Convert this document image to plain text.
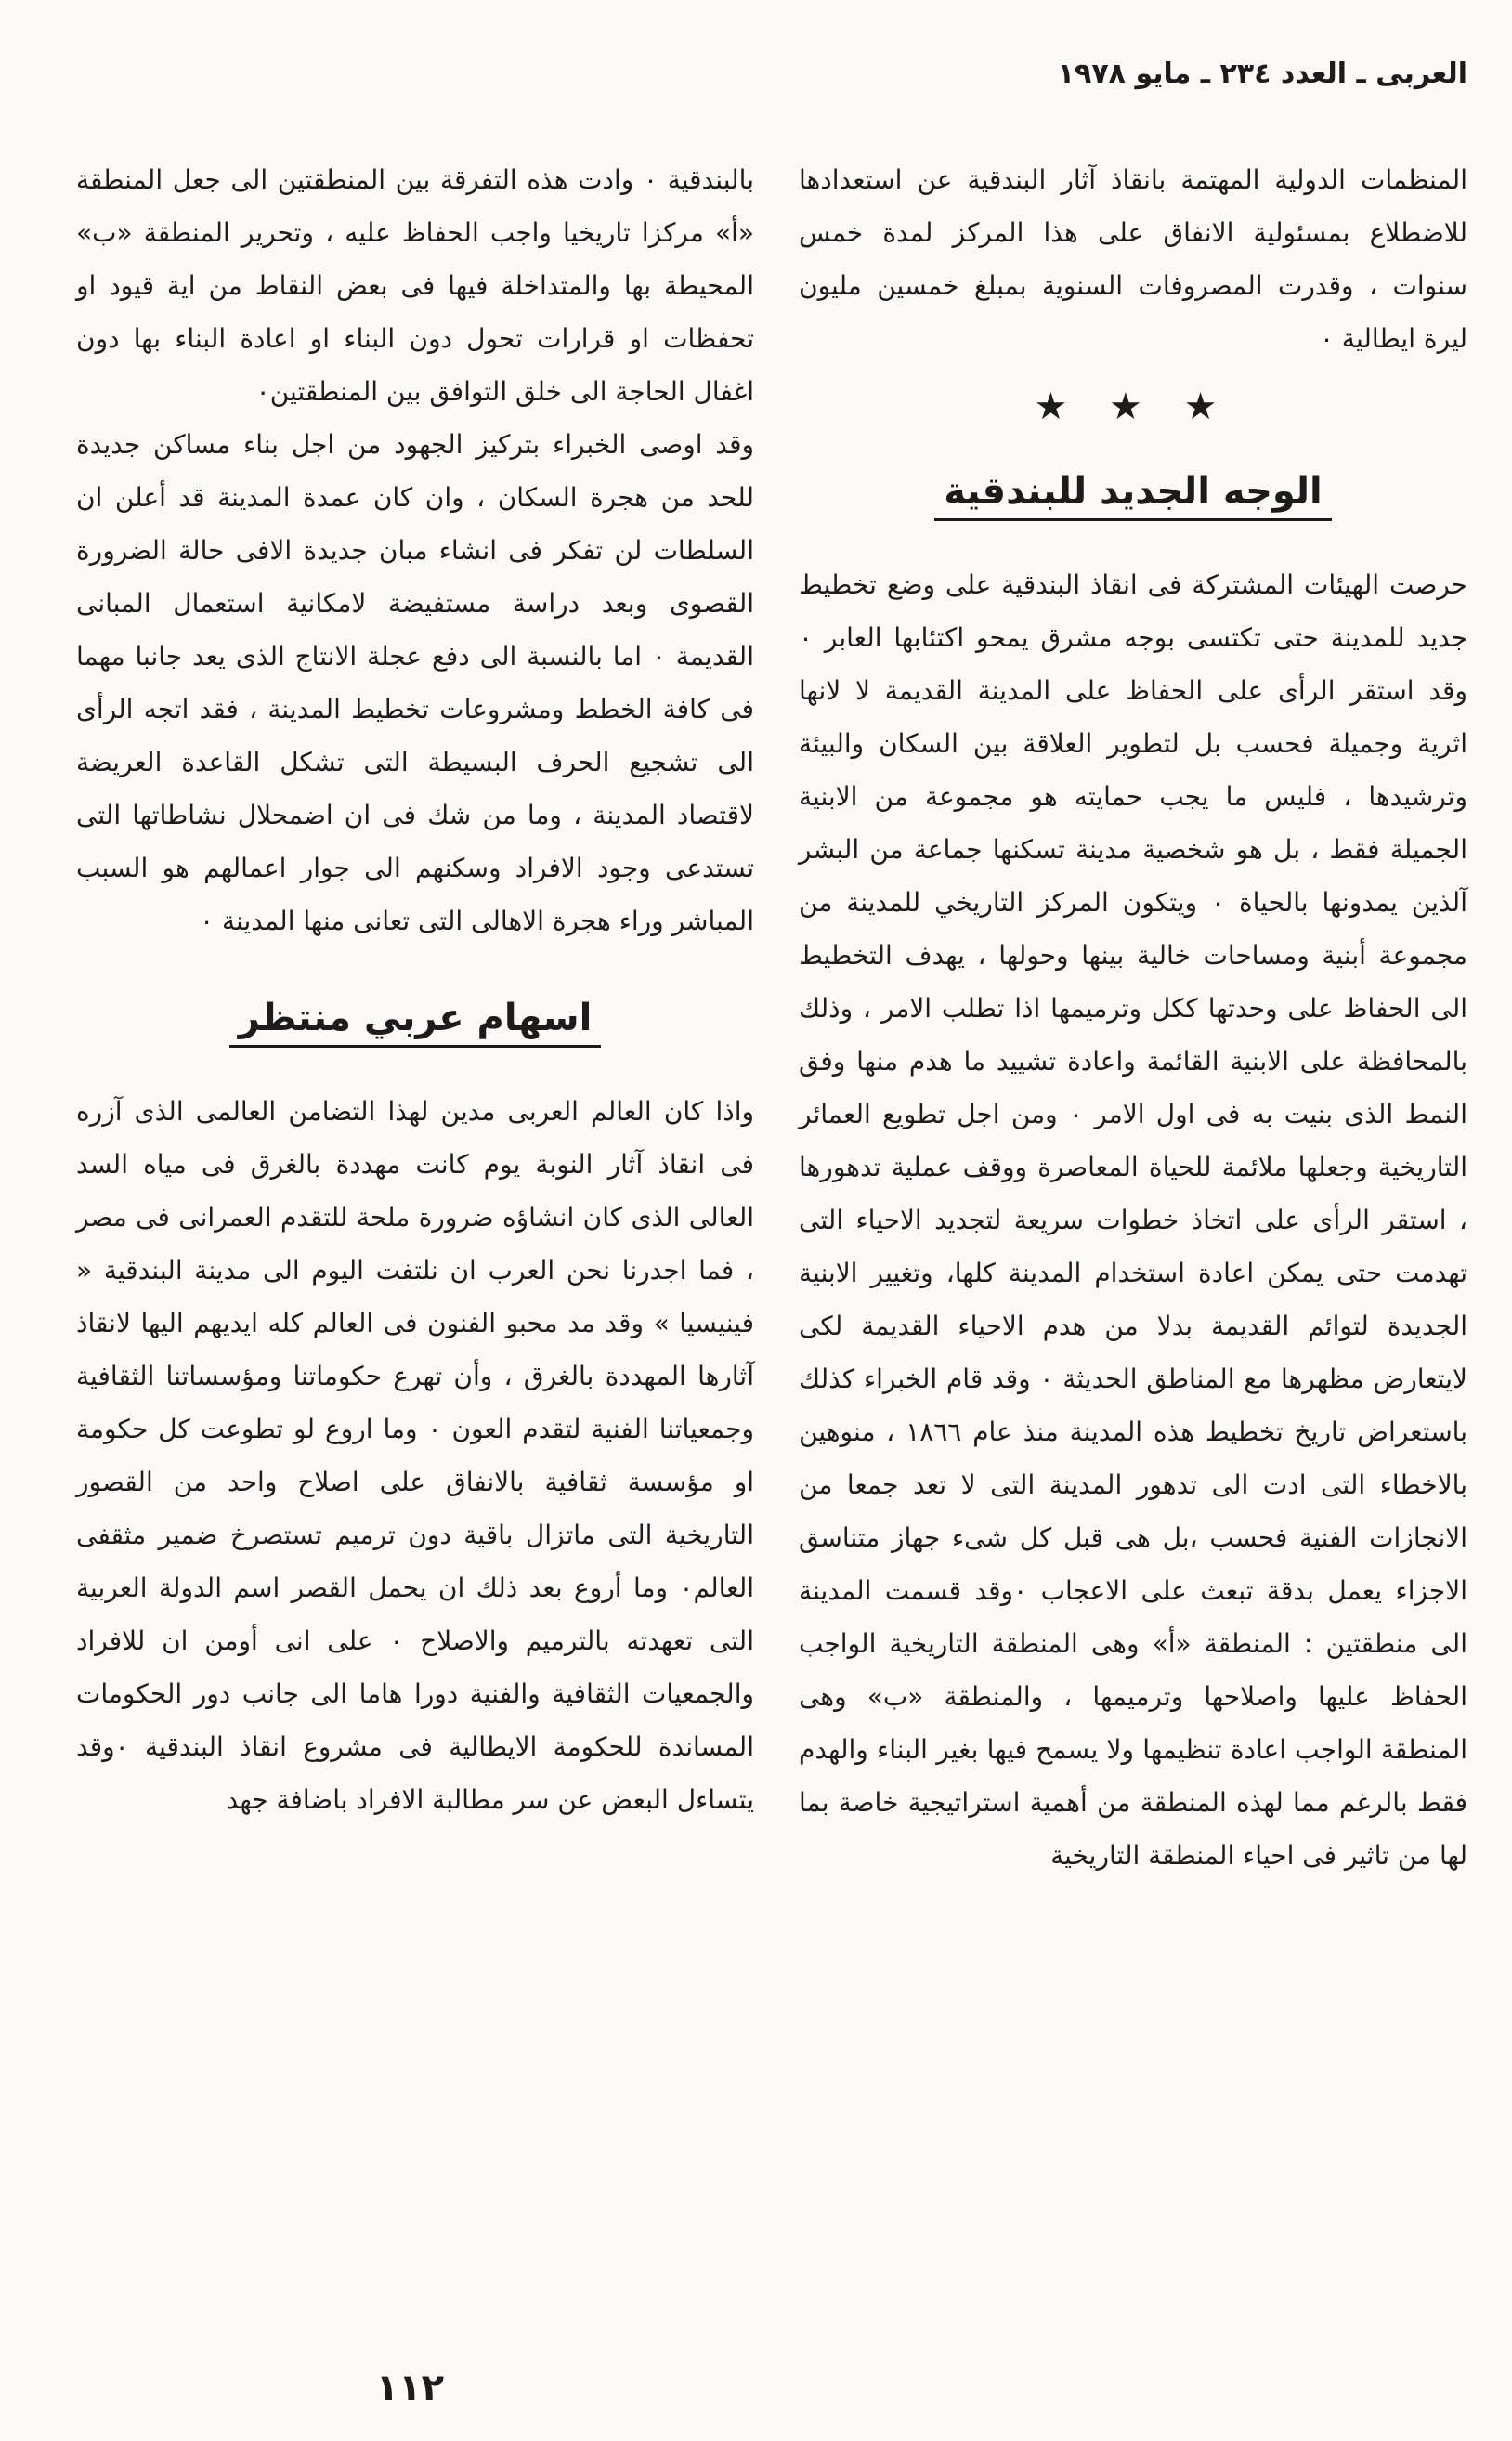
العربى ـ العدد ٢٣٤ ـ مايو ١٩٧٨

المنظمات الدولية المهتمة بانقاذ آثار البندقية عن استعدادها للاضطلاع بمسئولية الانفاق على هذا المركز لمدة خمس سنوات ، وقدرت المصروفات السنوية بمبلغ خمسين مليون ليرة ايطالية ٠

★ ★ ★
الوجه الجديد للبندقية

حرصت الهيئات المشتركة فى انقاذ البندقية على وضع تخطيط جديد للمدينة حتى تكتسى بوجه مشرق يمحو اكتئابها العابر ٠ وقد استقر الرأى على الحفاظ على المدينة القديمة لا لانها اثرية وجميلة فحسب بل لتطوير العلاقة بين السكان والبيئة وترشيدها ، فليس ما يجب حمايته هو مجموعة من الابنية الجميلة فقط ، بل هو شخصية مدينة تسكنها جماعة من البشر آلذين يمدونها بالحياة ٠ ويتكون المركز التاريخي للمدينة من مجموعة أبنية ومساحات خالية بينها وحولها ، يهدف التخطيط الى الحفاظ على وحدتها ككل وترميمها اذا تطلب الامر ، وذلك بالمحافظة على الابنية القائمة واعادة تشييد ما هدم منها وفق النمط الذى بنيت به فى اول الامر ٠ ومن اجل تطويع العمائر التاريخية وجعلها ملائمة للحياة المعاصرة ووقف عملية تدهورها ، استقر الرأى على اتخاذ خطوات سريعة لتجديد الاحياء التى تهدمت حتى يمكن اعادة استخدام المدينة كلها، وتغيير الابنية الجديدة لتوائم القديمة بدلا من هدم الاحياء القديمة لكى لايتعارض مظهرها مع المناطق الحديثة ٠ وقد قام الخبراء كذلك باستعراض تاريخ تخطيط هذه المدينة منذ عام ١٨٦٦ ، منوهين بالاخطاء التى ادت الى تدهور المدينة التى لا تعد جمعا من الانجازات الفنية فحسب ،بل هى قبل كل شىء جهاز متناسق الاجزاء يعمل بدقة تبعث على الاعجاب ٠وقد قسمت المدينة الى منطقتين : المنطقة «أ» وهى المنطقة التاريخية الواجب الحفاظ عليها واصلاحها وترميمها ، والمنطقة «ب» وهى المنطقة الواجب اعادة تنظيمها ولا يسمح فيها بغير البناء والهدم فقط بالرغم مما لهذه المنطقة من أهمية استراتيجية خاصة بما لها من تاثير فى احياء المنطقة التاريخية

بالبندقية ٠ وادت هذه التفرقة بين المنطقتين الى جعل المنطقة «أ» مركزا تاريخيا واجب الحفاظ عليه ، وتحرير المنطقة «ب» المحيطة بها والمتداخلة فيها فى بعض النقاط من اية قيود او تحفظات او قرارات تحول دون البناء او اعادة البناء بها دون اغفال الحاجة الى خلق التوافق بين المنطقتين٠

وقد اوصى الخبراء بتركيز الجهود من اجل بناء مساكن جديدة للحد من هجرة السكان ، وان كان عمدة المدينة قد أعلن ان السلطات لن تفكر فى انشاء مبان جديدة الافى حالة الضرورة القصوى وبعد دراسة مستفيضة لامكانية استعمال المبانى القديمة ٠ اما بالنسبة الى دفع عجلة الانتاج الذى يعد جانبا مهما فى كافة الخطط ومشروعات تخطيط المدينة ، فقد اتجه الرأى الى تشجيع الحرف البسيطة التى تشكل القاعدة العريضة لاقتصاد المدينة ، وما من شك فى ان اضمحلال نشاطاتها التى تستدعى وجود الافراد وسكنهم الى جوار اعمالهم هو السبب المباشر وراء هجرة الاهالى التى تعانى منها المدينة ٠

اسهام عربي منتظر

واذا كان العالم العربى مدين لهذا التضامن العالمى الذى آزره فى انقاذ آثار النوبة يوم كانت مهددة بالغرق فى مياه السد العالى الذى كان انشاؤه ضرورة ملحة للتقدم العمرانى فى مصر ، فما اجدرنا نحن العرب ان نلتفت اليوم الى مدينة البندقية « فينيسيا » وقد مد محبو الفنون فى العالم كله ايديهم اليها لانقاذ آثارها المهددة بالغرق ، وأن تهرع حكوماتنا ومؤسساتنا الثقافية وجمعياتنا الفنية لتقدم العون ٠ وما اروع لو تطوعت كل حكومة او مؤسسة ثقافية بالانفاق على اصلاح واحد من القصور التاريخية التى ماتزال باقية دون ترميم تستصرخ ضمير مثقفى العالم٠ وما أروع بعد ذلك ان يحمل القصر اسم الدولة العربية التى تعهدته بالترميم والاصلاح ٠ على انى أومن ان للافراد والجمعيات الثقافية والفنية دورا هاما الى جانب دور الحكومات المساندة للحكومة الايطالية فى مشروع انقاذ البندقية ٠وقد يتساءل البعض عن سر مطالبة الافراد باضافة جهد

١١٢
